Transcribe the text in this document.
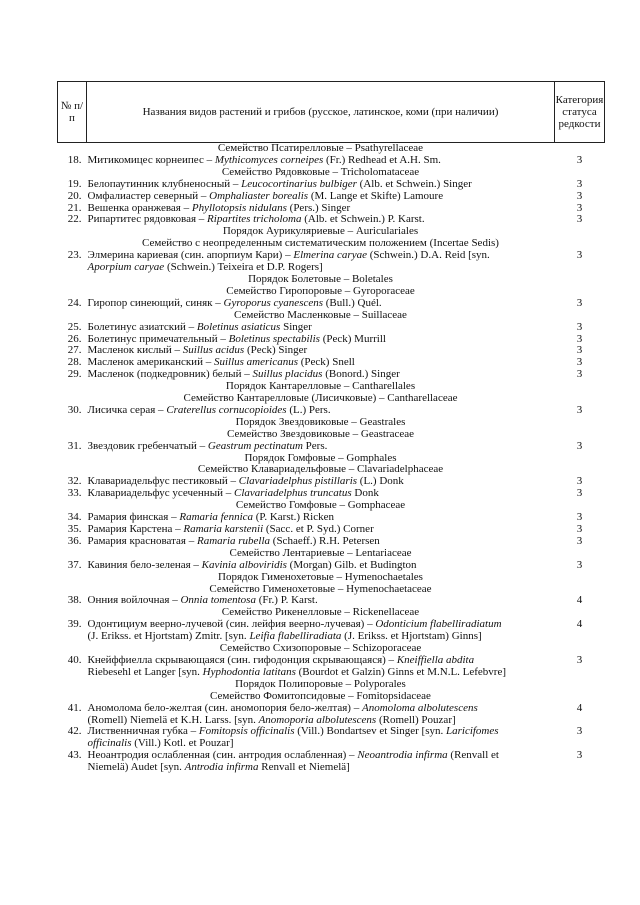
№ п/п	Названия видов растений и грибов (русское, латинское, коми (при наличии)	Категория статуса редкости
	Семейство Псатирелловые – Psathyrellaceae	
18.	Митикомицес корнеипес – Mythicomyces corneipes (Fr.) Redhead et A.H. Sm.	3
	Семейство Рядовковые – Tricholomataceae	
19.	Белопаутинник клубненосный – Leucocortinarius bulbiger (Alb. et Schwein.) Singer	3
20.	Омфалиастер северный – Omphaliaster borealis (M. Lange et Skifte) Lamoure	3
21.	Вешенка оранжевая – Phyllotopsis nidulans (Pers.) Singer	3
22.	Рипартитес рядовковая – Ripartites tricholoma (Alb. et Schwein.) P. Karst.	3
	Порядок Аурикуляриевые – Auriculariales	
	Семейство с неопределенным систематическим положением (Incertae Sedis)	
23.	Элмерина кариевая (син. апорпиум Кари) – Elmerina caryae (Schwein.) D.A. Reid [syn.
Aporpium caryae (Schwein.) Teixeira et D.P. Rogers]	3
	Порядок Болетовые – Boletales	
	Семейство Гиропоровые – Gyroporaceae	
24.	Гиропор синеющий, синяк – Gyroporus cyanescens (Bull.) Quél.	3
	Семейство Масленковые – Suillaceae	
25.	Болетинус азиатский – Boletinus asiaticus Singer	3
26.	Болетинус примечательный – Boletinus spectabilis (Peck) Murrill	3
27.	Масленок кислый – Suillus acidus (Peck) Singer	3
28.	Масленок американский – Suillus americanus (Peck) Snell	3
29.	Масленок (подкедровник) белый – Suillus placidus (Bonord.) Singer	3
	Порядок Кантарелловые – Cantharellales	
	Семейство Кантарелловые (Лисичковые) – Cantharellaceae	
30.	Лисичка серая – Craterellus cornucopioides (L.) Pers.	3
	Порядок Звездовиковые – Geastrales	
	Семейство Звездовиковые – Geastraceae	
31.	Звездовик гребенчатый – Geastrum pectinatum Pers.	3
	Порядок Гомфовые – Gomphales	
	Семейство Клавариадельфовые – Clavariadelphaceae	
32.	Клавариадельфус пестиковый – Clavariadelphus pistillaris (L.) Donk	3
33.	Клавариадельфус усеченный – Clavariadelphus truncatus Donk	3
	Семейство Гомфовые – Gomphaceae	
34.	Рамария финская – Ramaria fennica (P. Karst.) Ricken	3
35.	Рамария Карстена – Ramaria karstenii (Sacc. et P. Syd.) Corner	3
36.	Рамария красноватая – Ramaria rubella (Schaeff.) R.H. Petersen	3
	Семейство Лентариевые – Lentariaceae	
37.	Кавиния бело-зеленая – Kavinia alboviridis (Morgan) Gilb. et Budington	3
	Порядок Гименохетовые – Hymenochaetales	
	Семейство Гименохетовые – Hymenochaetaceae	
38.	Онния войлочная – Onnia tomentosa (Fr.) P. Karst.	4
	Семейство Рикенелловые – Rickenellaceae	
39.	Одонтициум веерно-лучевой (син. лейфия веерно-лучевая) – Odonticium flabelliradiatum
(J. Erikss. et Hjortstam) Zmitr. [syn. Leifia flabelliradiata (J. Erikss. et Hjortstam) Ginns]	4
	Семейство Схизопоровые – Schizoporaceae	
40.	Кнейффиелла скрывающаяся (син. гифодонция скрывающаяся) – Kneiffiella abdita
Riebesehl et Langer [syn. Hyphodontia latitans (Bourdot et Galzin) Ginns et M.N.L. Lefebvre]	3
	Порядок Полипоровые – Polyporales	
	Семейство Фомитопсидовые – Fomitopsidaceae	
41.	Аномолома бело-желтая (син. аномопория бело-желтая) – Anomoloma albolutescens
(Romell) Niemelä et K.H. Larss. [syn. Anomoporia albolutescens (Romell) Pouzar]	4
42.	Лиственничная губка – Fomitopsis officinalis (Vill.) Bondartsev et Singer [syn. Laricifomes
officinalis (Vill.) Kotl. et Pouzar]	3
43.	Неоантродия ослабленная (син. антродия ослабленная) – Neoantrodia infirma (Renvall et
Niemelä) Audet [syn. Antrodia infirma Renvall et Niemelä]	3
